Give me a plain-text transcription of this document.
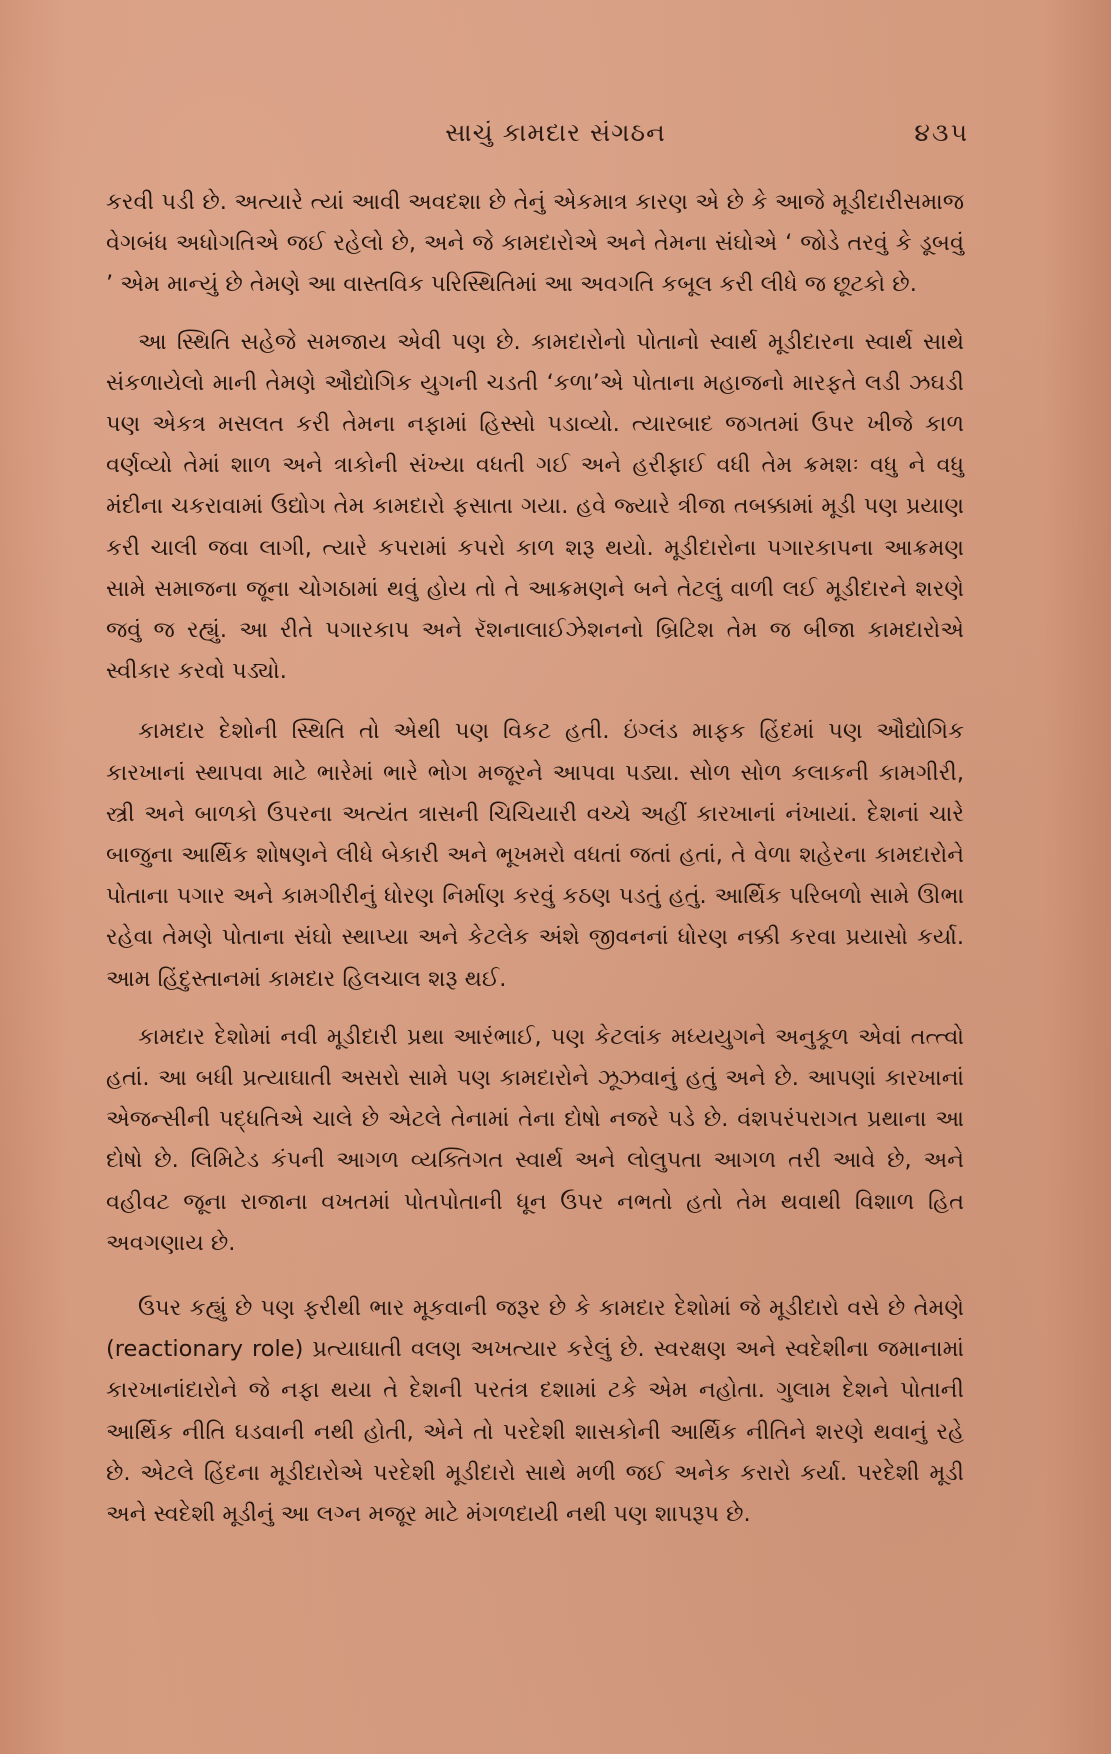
સાચું કામદાર સંગઠન	૪૩૫

કરવી પડી છે. અત્યારે ત્યાં આવી અવદશા છે તેનું એકમાત્ર કારણ એ છે કે આજે મૂડીદારીસમાજ વેગબંધ અધોગતિએ જઈ રહેલો છે, અને જે કામદારોએ અને તેમના સંઘોએ ‘ જોડે તરવું કે ડૂબવું ’ એમ માન્યું છે તેમણે આ વાસ્તવિક પરિસ્થિતિમાં આ અવગતિ કબૂલ કરી લીધે જ છૂટકો છે.

આ સ્થિતિ સહેજે સમજાય એવી પણ છે. કામદારોનો પોતાનો સ્વાર્થ મૂડીદારના સ્વાર્થ સાથે સંકળાયેલો માની તેમણે ઔદ્યોગિક યુગની ચડતી ‘કળા’એ પોતાના મહાજનો મારફતે લડી ઝઘડી પણ એકત્ર મસલત કરી તેમના નફામાં હિસ્સો પડાવ્યો. ત્યારબાદ જગતમાં ઉપર ખીજે કાળ વર્ણવ્યો તેમાં શાળ અને ત્રાકોની સંખ્યા વધતી ગઈ અને હરીફાઈ વધી તેમ ક્રમશઃ વધુ ને વધુ મંદીના ચકરાવામાં ઉદ્યોગ તેમ કામદારો ફસાતા ગયા. હવે જ્યારે ત્રીજા તબક્કામાં મૂડી પણ પ્રયાણ કરી ચાલી જવા લાગી, ત્યારે કપરામાં કપરો કાળ શરૂ થયો. મૂડીદારોના પગારકાપના આક્રમણ સામે સમાજના જૂના ચોગઠામાં થવું હોય તો તે આક્રમણને બને તેટલું વાળી લઈ મૂડીદારને શરણે જવું જ રહ્યું. આ રીતે પગારકાપ અને રૅશનાલાઈઝેશનનો બ્રિટિશ તેમ જ બીજા કામદારોએ સ્વીકાર કરવો પડ્યો.

કામદાર દેશોની સ્થિતિ તો એથી પણ વિકટ હતી. ઇંગ્લંડ માફક હિંદમાં પણ ઔદ્યોગિક કારખાનાં સ્થાપવા માટે ભારેમાં ભારે ભોગ મજૂરને આપવા પડ્યા. સોળ સોળ કલાકની કામગીરી, સ્ત્રી અને બાળકો ઉપરના અત્યંત ત્રાસની ચિચિયારી વચ્ચે અહીં કારખાનાં નંખાયાં. દેશનાં ચારે બાજુના આર્થિક શોષણને લીધે બેકારી અને ભૂખમરો વધતાં જતાં હતાં, તે વેળા શહેરના કામદારોને પોતાના પગાર અને કામગીરીનું ધોરણ નિર્માણ કરવું કઠણ પડતું હતું. આર્થિક પરિબળો સામે ઊભા રહેવા તેમણે પોતાના સંઘો સ્થાપ્યા અને કેટલેક અંશે જીવનનાં ધોરણ નક્કી કરવા પ્રયાસો કર્યા. આમ હિંદુસ્તાનમાં કામદાર હિલચાલ શરૂ થઈ.

કામદાર દેશોમાં નવી મૂડીદારી પ્રથા આરંભાઈ, પણ કેટલાંક મધ્યયુગને અનુકૂળ એવાં તત્ત્વો હતાં. આ બધી પ્રત્યાઘાતી અસરો સામે પણ કામદારોને ઝૂઝવાનું હતું અને છે. આપણાં કારખાનાં એજન્સીની પદ્ધતિએ ચાલે છે એટલે તેનામાં તેના દોષો નજરે પડે છે. વંશપરંપરાગત પ્રથાના આ દોષો છે. લિમિટેડ કંપની આગળ વ્યક્તિગત સ્વાર્થ અને લોલુપતા આગળ તરી આવે છે, અને વહીવટ જૂના રાજાના વખતમાં પોતપોતાની ધૂન ઉપર નભતો હતો તેમ થવાથી વિશાળ હિત અવગણાય છે.

ઉપર કહ્યું છે પણ ફરીથી ભાર મૂકવાની જરૂર છે કે કામદાર દેશોમાં જે મૂડીદારો વસે છે તેમણે (reactionary role) પ્રત્યાઘાતી વલણ અખત્યાર કરેલું છે. સ્વરક્ષણ અને સ્વદેશીના જમાનામાં કારખાનાંદારોને જે નફા થયા તે દેશની પરતંત્ર દશામાં ટકે એમ નહોતા. ગુલામ દેશને પોતાની આર્થિક નીતિ ઘડવાની નથી હોતી, એને તો પરદેશી શાસકોની આર્થિક નીતિને શરણે થવાનું રહે છે. એટલે હિંદના મૂડીદારોએ પરદેશી મૂડીદારો સાથે મળી જઈ અનેક કરારો કર્યા. પરદેશી મૂડી અને સ્વદેશી મૂડીનું આ લગ્ન મજૂર માટે મંગળદાયી નથી પણ શાપરૂપ છે.
